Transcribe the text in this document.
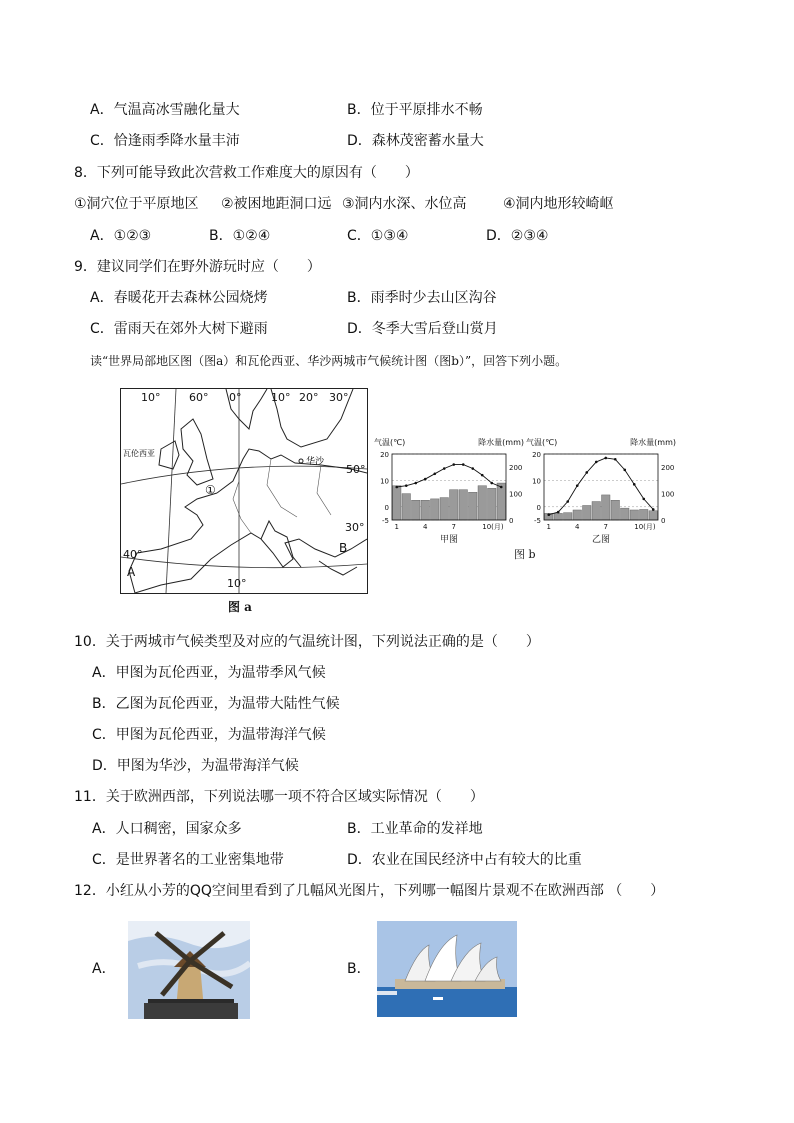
A．气温高冰雪融化量大	B．位于平原排水不畅
C．恰逢雨季降水量丰沛	D．森林茂密蓄水量大
8．下列可能导致此次营救工作难度大的原因有（　　）
①洞穴位于平原地区 ②被困地距洞口远 ③洞内水深、水位高	④洞内地形较崎岖
A．①②③	B．①②④	C．①③④	D．②③④
9．建议同学们在野外游玩时应（　　）
A．春暖花开去森林公园烧烤	B．雨季时少去山区沟谷
C．雷雨天在郊外大树下避雨	D．冬季大雪后登山赏月
读“世界局部地区图（图a）和瓦伦西亚、华沙两城市气候统计图（图b）”，回答下列小题。
10°	60° 0°	10° 20° 30°
瓦伦西亚
华沙
50°
①
30°
B
40°
A
10°
图 a
气温(℃)	降水量(mm)
-5
0
10
20
0
100
200
1	4	7	10(月)
甲图
气温(℃)	降水量(mm)
-5
0
10
20
0
100
200
1	4	7	10(月)
乙图
图 b
10．关于两城市气候类型及对应的气温统计图，下列说法正确的是（　　）
A．甲图为瓦伦西亚，为温带季风气候
B．乙图为瓦伦西亚，为温带大陆性气候
C．甲图为瓦伦西亚，为温带海洋气候
D．甲图为华沙，为温带海洋气候
11．关于欧洲西部，下列说法哪一项不符合区域实际情况（　　）
A．人口稠密，国家众多	B．工业革命的发祥地
C．是世界著名的工业密集地带	D．农业在国民经济中占有较大的比重
12．小红从小芳的QQ空间里看到了几幅风光图片，下列哪一幅图片景观不在欧洲西部 （　　）
A．	B．
